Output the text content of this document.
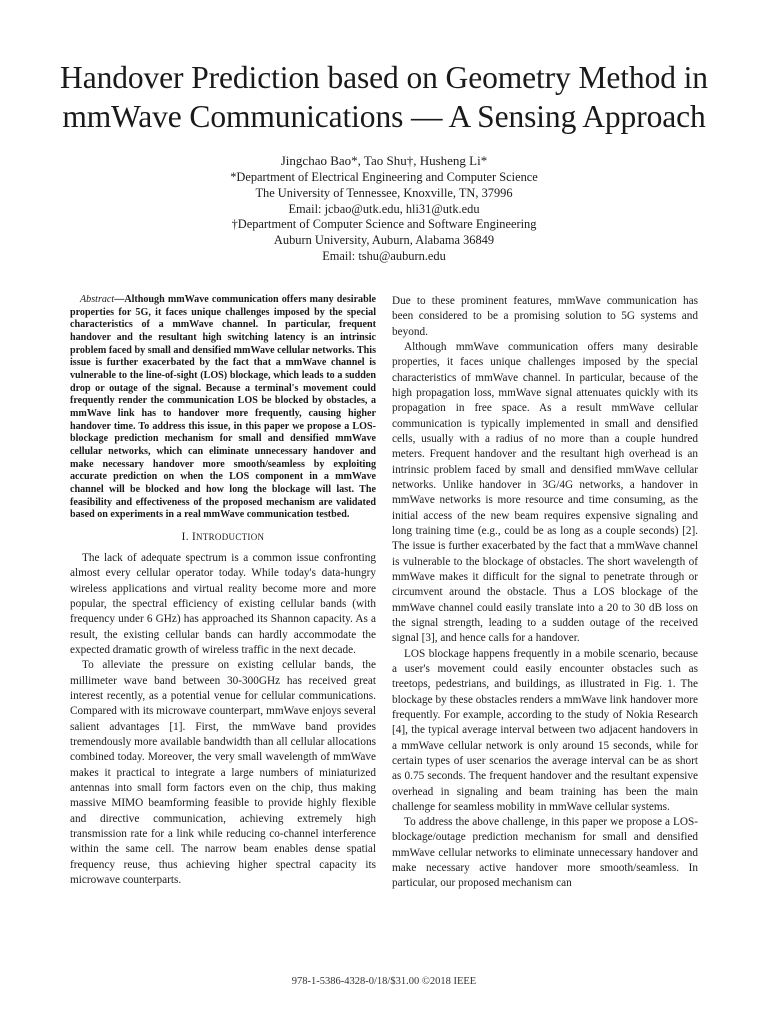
Handover Prediction based on Geometry Method in mmWave Communications — A Sensing Approach
Jingchao Bao*, Tao Shu†, Husheng Li*
*Department of Electrical Engineering and Computer Science
The University of Tennessee, Knoxville, TN, 37996
Email: jcbao@utk.edu, hli31@utk.edu
†Department of Computer Science and Software Engineering
Auburn University, Auburn, Alabama 36849
Email: tshu@auburn.edu

Abstract—Although mmWave communication offers many desirable properties for 5G, it faces unique challenges imposed by the special characteristics of a mmWave channel. In particular, frequent handover and the resultant high switching latency is an intrinsic problem faced by small and densified mmWave cellular networks. This issue is further exacerbated by the fact that a mmWave channel is vulnerable to the line-of-sight (LOS) blockage, which leads to a sudden drop or outage of the signal. Because a terminal's movement could frequently render the communication LOS be blocked by obstacles, a mmWave link has to handover more frequently, causing higher handover time. To address this issue, in this paper we propose a LOS-blockage prediction mechanism for small and densified mmWave cellular networks, which can eliminate unnecessary handover and make necessary handover more smooth/seamless by exploiting accurate prediction on when the LOS component in a mmWave channel will be blocked and how long the blockage will last. The feasibility and effectiveness of the proposed mechanism are validated based on experiments in a real mmWave communication testbed.

I. INTRODUCTION

The lack of adequate spectrum is a common issue confronting almost every cellular operator today. While today's data-hungry wireless applications and virtual reality become more and more popular, the spectral efficiency of existing cellular bands (with frequency under 6 GHz) has approached its Shannon capacity. As a result, the existing cellular bands can hardly accommodate the expected dramatic growth of wireless traffic in the next decade.

To alleviate the pressure on existing cellular bands, the millimeter wave band between 30-300GHz has received great interest recently, as a potential venue for cellular communications. Compared with its microwave counterpart, mmWave enjoys several salient advantages [1]. First, the mmWave band provides tremendously more available bandwidth than all cellular allocations combined today. Moreover, the very small wavelength of mmWave makes it practical to integrate a large numbers of miniaturized antennas into small form factors even on the chip, thus making massive MIMO beamforming feasible to provide highly flexible and directive communication, achieving extremely high transmission rate for a link while reducing co-channel interference within the same cell. The narrow beam enables dense spatial frequency reuse, thus achieving higher spectral capacity its microwave counterparts.

Due to these prominent features, mmWave communication has been considered to be a promising solution to 5G systems and beyond.

Although mmWave communication offers many desirable properties, it faces unique challenges imposed by the special characteristics of mmWave channel. In particular, because of the high propagation loss, mmWave signal attenuates quickly with its propagation in free space. As a result mmWave cellular communication is typically implemented in small and densified cells, usually with a radius of no more than a couple hundred meters. Frequent handover and the resultant high overhead is an intrinsic problem faced by small and densified mmWave cellular networks. Unlike handover in 3G/4G networks, a handover in mmWave networks is more resource and time consuming, as the initial access of the new beam requires expensive signaling and long training time (e.g., could be as long as a couple seconds) [2]. The issue is further exacerbated by the fact that a mmWave channel is vulnerable to the blockage of obstacles. The short wavelength of mmWave makes it difficult for the signal to penetrate through or circumvent around the obstacle. Thus a LOS blockage of the mmWave channel could easily translate into a 20 to 30 dB loss on the signal strength, leading to a sudden outage of the received signal [3], and hence calls for a handover.

LOS blockage happens frequently in a mobile scenario, because a user's movement could easily encounter obstacles such as treetops, pedestrians, and buildings, as illustrated in Fig. 1. The blockage by these obstacles renders a mmWave link handover more frequently. For example, according to the study of Nokia Research [4], the typical average interval between two adjacent handovers in a mmWave cellular network is only around 15 seconds, while for certain types of user scenarios the average interval can be as short as 0.75 seconds. The frequent handover and the resultant expensive overhead in signaling and beam training has been the main challenge for seamless mobility in mmWave cellular systems.

To address the above challenge, in this paper we propose a LOS-blockage/outage prediction mechanism for small and densified mmWave cellular networks to eliminate unnecessary handover and make necessary active handover more smooth/seamless. In particular, our proposed mechanism can

978-1-5386-4328-0/18/$31.00 ©2018 IEEE
